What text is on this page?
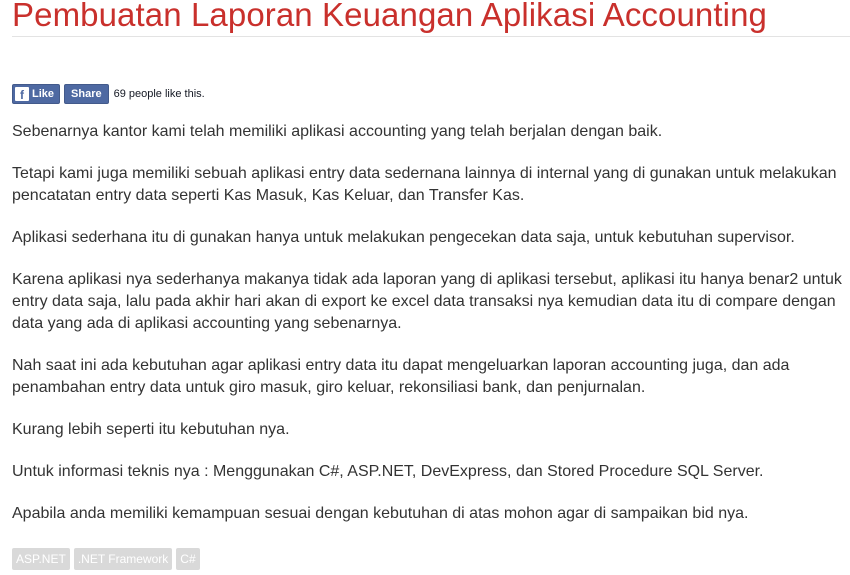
Pembuatan Laporan Keuangan Aplikasi Accounting
f Like Share 69 people like this.

Sebenarnya kantor kami telah memiliki aplikasi accounting yang telah berjalan dengan baik.

Tetapi kami juga memiliki sebuah aplikasi entry data sedernana lainnya di internal yang di gunakan untuk melakukan pencatatan entry data seperti Kas Masuk, Kas Keluar, dan Transfer Kas.

Aplikasi sederhana itu di gunakan hanya untuk melakukan pengecekan data saja, untuk kebutuhan supervisor.

Karena aplikasi nya sederhanya makanya tidak ada laporan yang di aplikasi tersebut, aplikasi itu hanya benar2 untuk entry data saja, lalu pada akhir hari akan di export ke excel data transaksi nya kemudian data itu di compare dengan data yang ada di aplikasi accounting yang sebenarnya.

Nah saat ini ada kebutuhan agar aplikasi entry data itu dapat mengeluarkan laporan accounting juga, dan ada penambahan entry data untuk giro masuk, giro keluar, rekonsiliasi bank, dan penjurnalan.

Kurang lebih seperti itu kebutuhan nya.

Untuk informasi teknis nya : Menggunakan C#, ASP.NET, DevExpress, dan Stored Procedure SQL Server.

Apabila anda memiliki kemampuan sesuai dengan kebutuhan di atas mohon agar di sampaikan bid nya.

ASP.NET	.NET Framework	C#
